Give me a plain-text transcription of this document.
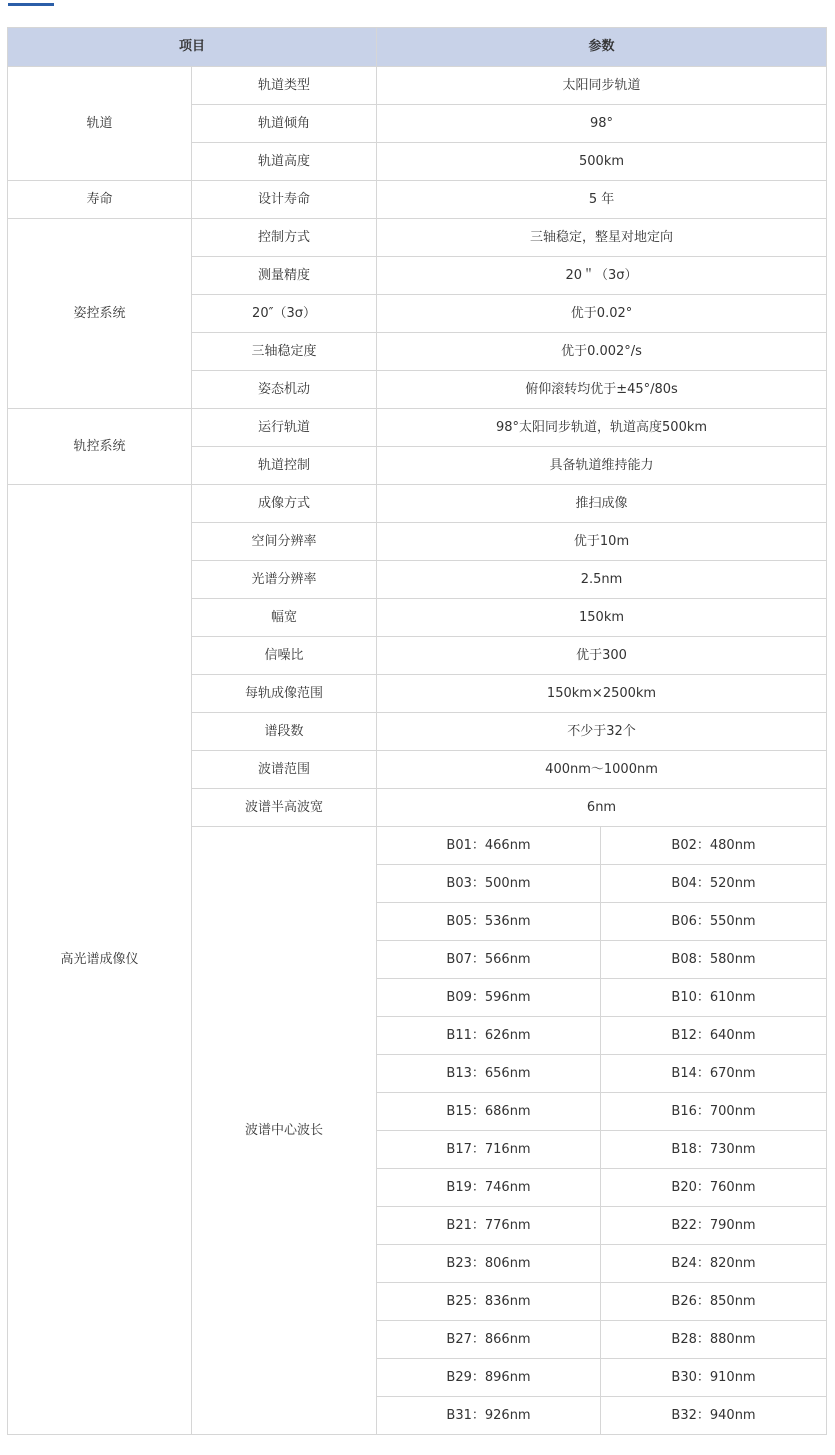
项目		参数	
轨道	轨道类型	太阳同步轨道	
	轨道倾角	98°	
	轨道高度	500km	
寿命	设计寿命	5 年	
姿控系统	控制方式	三轴稳定，整星对地定向	
	测量精度	20＂（3σ）	
	20″（3σ）	优于0.02°	
	三轴稳定度	优于0.002°/s	
	姿态机动	俯仰滚转均优于±45°/80s	
轨控系统	运行轨道	98°太阳同步轨道，轨道高度500km	
	轨道控制	具备轨道维持能力	
高光谱成像仪	成像方式	推扫成像	
	空间分辨率	优于10m	
	光谱分辨率	2.5nm	
	幅宽	150km	
	信噪比	优于300	
	每轨成像范围	150km×2500km	
	谱段数	不少于32个	
	波谱范围	400nm～1000nm	
	波谱半高波宽	6nm	
	波谱中心波长	B01：466nm	B02：480nm
		B03：500nm	B04：520nm
		B05：536nm	B06：550nm
		B07：566nm	B08：580nm
		B09：596nm	B10：610nm
		B11：626nm	B12：640nm
		B13：656nm	B14：670nm
		B15：686nm	B16：700nm
		B17：716nm	B18：730nm
		B19：746nm	B20：760nm
		B21：776nm	B22：790nm
		B23：806nm	B24：820nm
		B25：836nm	B26：850nm
		B27：866nm	B28：880nm
		B29：896nm	B30：910nm
		B31：926nm	B32：940nm
